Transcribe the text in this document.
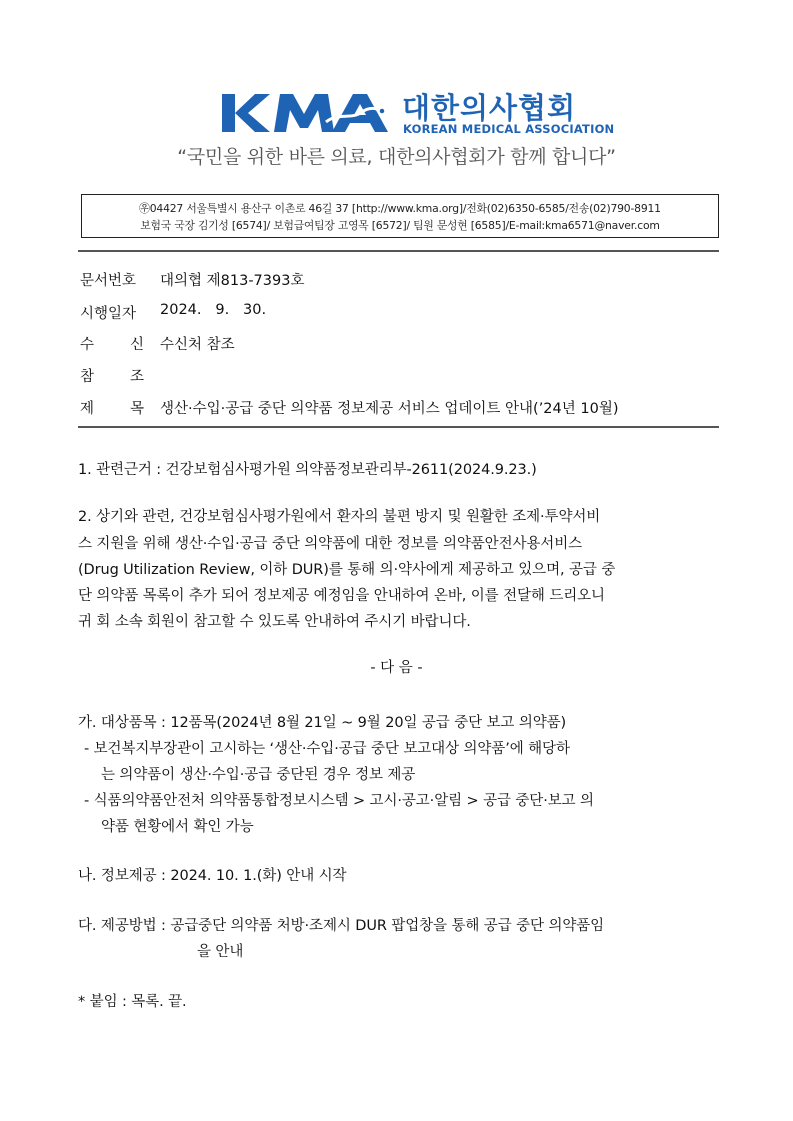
대한의사협회
KOREAN MEDICAL ASSOCIATION
“국민을 위한 바른 의료, 대한의사협회가 함께 합니다”
㉾04427 서울특별시 용산구 이촌로 46길 37 [http://www.kma.org]/전화(02)6350-6585/전송(02)790-8911
보험국 국장 김기성 [6574]/ 보험급여팀장 고영목 [6572]/ 팀원 문성현 [6585]/E-mail:kma6571@naver.com
문서번호	대의협 제813-7393호
시행일자	2024.   9.   30.
수 신 수신처 참조
참 조
제 목 생산·수입·공급 중단 의약품 정보제공 서비스 업데이트 안내(’24년 10월)
1. 관련근거 : 건강보험심사평가원 의약품정보관리부-2611(2024.9.23.)
2. 상기와 관련, 건강보험심사평가원에서 환자의 불편 방지 및 원활한 조제·투약서비
스 지원을 위해 생산·수입·공급 중단 의약품에 대한 정보를 의약품안전사용서비스
(Drug Utilization Review, 이하 DUR)를 통해 의·약사에게 제공하고 있으며, 공급 중
단 의약품 목록이 추가 되어 정보제공 예정임을 안내하여 온바, 이를 전달해 드리오니
귀 회 소속 회원이 참고할 수 있도록 안내하여 주시기 바랍니다.
- 다 음 -
가. 대상품목 : 12품목(2024년 8월 21일 ~ 9월 20일 공급 중단 보고 의약품)
- 보건복지부장관이 고시하는 ‘생산·수입·공급 중단 보고대상 의약품’에 해당하
는 의약품이 생산·수입·공급 중단된 경우 정보 제공
- 식품의약품안전처 의약품통합정보시스템 > 고시·공고·알림 > 공급 중단·보고 의
약품 현황에서 확인 가능
나. 정보제공 : 2024. 10. 1.(화) 안내 시작
다. 제공방법 : 공급중단 의약품 처방·조제시 DUR 팝업창을 통해 공급 중단 의약품임
을 안내
* 붙임 : 목록. 끝.
